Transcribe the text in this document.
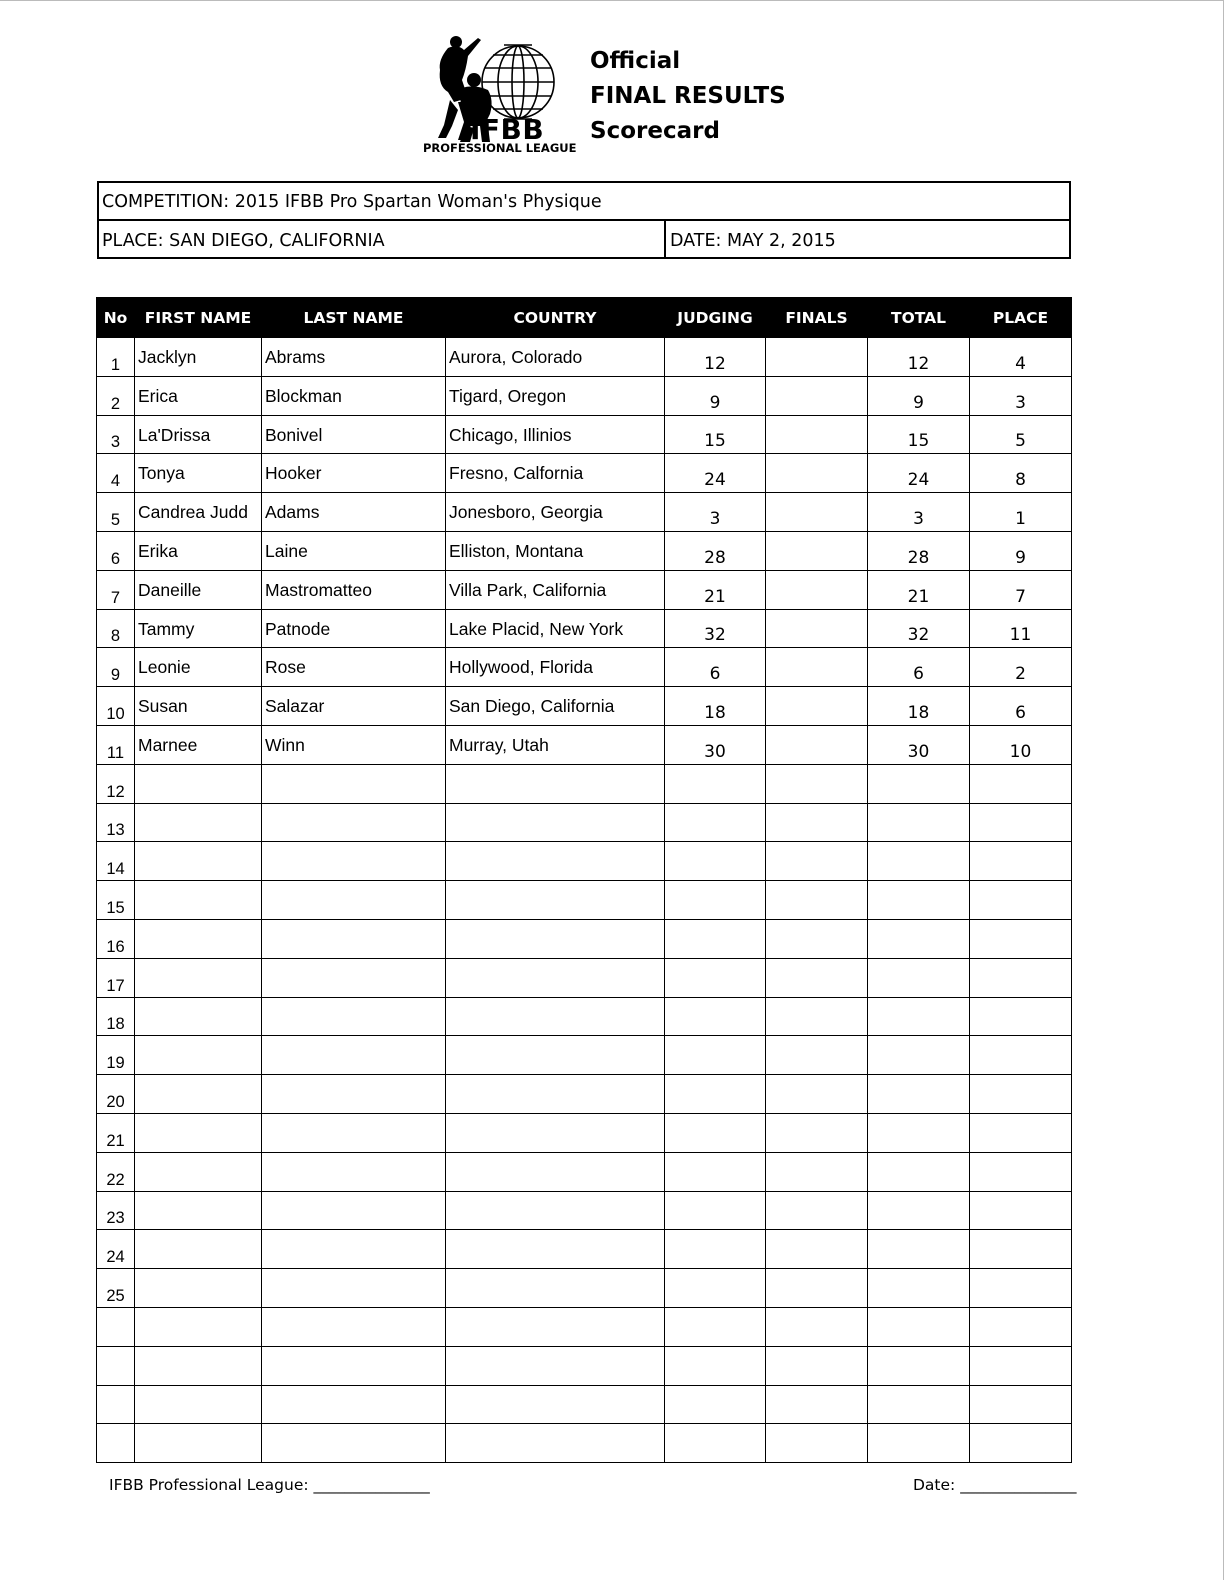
IFBB
PROFESSIONAL LEAGUE
Official
FINAL RESULTS
Scorecard
COMPETITION: 2015 IFBB Pro Spartan Woman's Physique
PLACE: SAN DIEGO, CALIFORNIA	DATE: MAY 2, 2015
No	FIRST NAME	LAST NAME	COUNTRY	JUDGING	FINALS	TOTAL	PLACE
1	Jacklyn	Abrams	Aurora, Colorado	12		12	4
2	Erica	Blockman	Tigard, Oregon	9		9	3
3	La'Drissa	Bonivel	Chicago, Illinios	15		15	5
4	Tonya	Hooker	Fresno, Calfornia	24		24	8
5	Candrea Judd	Adams	Jonesboro, Georgia	3		3	1
6	Erika	Laine	Elliston, Montana	28		28	9
7	Daneille	Mastromatteo	Villa Park, California	21		21	7
8	Tammy	Patnode	Lake Placid, New York	32		32	11
9	Leonie	Rose	Hollywood, Florida	6		6	2
10	Susan	Salazar	San Diego, California	18		18	6
11	Marnee	Winn	Murray, Utah	30		30	10
12							
13							
14							
15							
16							
17							
18							
19							
20							
21							
22							
23							
24							
25							

IFBB Professional League: _______________	Date: _______________
